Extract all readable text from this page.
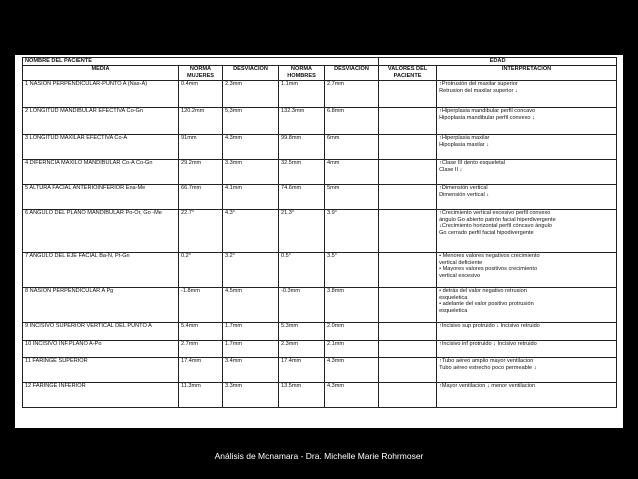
NOMBRE DEL PACIENTE					EDAD	
MEDIA	NORMA MUJERES	DESVIACION	NORMA HOMBRES	DESVIACION	VALORES DEL PACIENTE	INTERPRETACION
1 NASION PERPENDICULAR-PUNTO A (Nas-A)	0.4mm	2.3mm	1.1mm	2.7mm		↑Protrusión del maxilar superior
Retrusion del maxilar superior ↓
2 LONGITUD MANDIBULAR EFECTIVA Co-Gn	120.2mm	5,3mm	132.3mm	6.8mm		↑Hiperplasia mandibular perfil concavo
Hipoplasia mandibular perfil convexo ↓
3 LONGITUD MAXILAR EFECTIVA Co-A	91mm	4.3mm	99.8mm	6mm		↑Hiperplasia maxilar
Hipoplasia maxilar ↓
4 DIFERNCIA MAXILO MANDIBULAR Co-A Co-Gn	29.2mm	3.3mm	32.5mm	4mm		↑Clase III dento esqueletal
Clase II ↓
5 ALTURA FACIAL ANTERIOINFERIOR Ena-Me	66.7mm	4.1mm	74.6mm	5mm		↑Dimensión vertical
Dimensión vertical ↓
6 ANGULO DEL PLANO MANDIBULAR Po-Or, Go -Me	22.7°	4.3°	21.3°	3.9°		↑Crecimiento vertical excesivo perfil convexo
ángulo Go abierto patrón facial hiperdivergente
↓Crecimiento horizontal perfil cóncavo ángulo
Go cerrado perfil facial hipodivergente
7 ANGULO DEL EJE FACIAL Ba-N, Pt-Gn	0.2°	3.2°	0.5°	3.5°		• Menores valores negativos crecimiento
vertical deficiente
• Mayores valores positivos crecimiento
vertical excesivo
8 NASION PERPENDICULAR A Pg	-1.8mm	4.5mm	-0.3mm	3.8mm		• detrás del valor negativo retrusion
esqueletica
• adelante del valor positivo protrusión
esqueletica
9 INCISIVO SUPERIOR VERTICAL DEL PUNTO A	5.4mm	1.7mm	5.3mm	2.0mm		↑Incisivo sup protruido ↓ Incisivo retruido
10 INCISIVO INF.PLANO A-Po	2.7mm	1.7mm	2.3mm	2.1mm		↑Incisivo inf protruido ↓ Incisivo retruido
11 FARINGE SUPERIOR	17.4mm	3.4mm	17.4mm	4.3mm		↑Tubo aéreo amplio mayor ventilacion
Tubo aéreo estrecho poco permeable ↓
12 FARINGE INFERIOR	11.3mm	3.3mm	13.5mm	4.3mm		↑Mayor ventilacion ↓ menor ventilacion
Análisis de Mcnamara - Dra. Michelle Marie Rohrmoser
